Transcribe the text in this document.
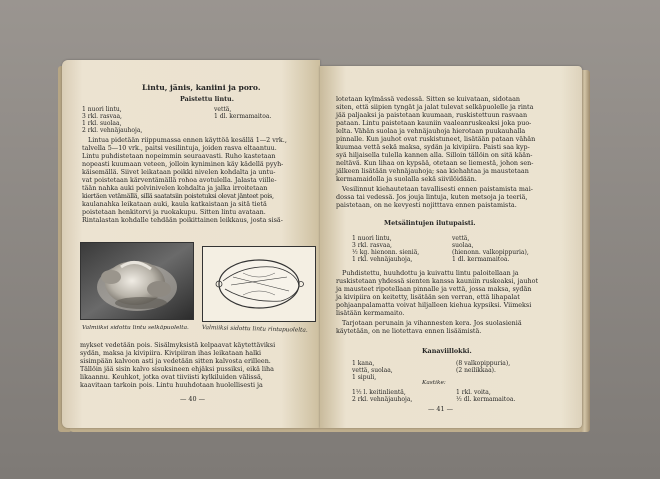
Lintu, jänis, kaniini ja poro.
Paistettu lintu.
1 nuori lintu,	vettä,
3 rkl. rasvaa,	1 dl. kermamaitoa.
1 rkl. suolaa,
2 rkl. vehnäjauhoja,
Lintua pidetään riippumassa ennen käyttöä kesällä 1—2 vrk.,
talvella 5—10 vrk., paitsi vesilintuja, joiden rasva eltaantuu.
Lintu puhdistetaan nopeimmin seuraavasti. Ruho kastetaan
nopeasti kuumaan veteen, jolloin kyniminen käy kädellä pyyh-
käisemällä. Siivet leikataan poikki nivelen kohdalta ja untu-
vat poistetaan kärventämällä rohoa avotulella. Jalasta viille-
tään nahka auki polvinivelen kohdalta ja jalka irroitetaan
kiertäen vetämällä, sillä saatatsiin poistetuksi olevat jänteet pois,
kaulanahka leikataan auki, kaula katkaistaan ja sitä tietä
poistetaan henkitorvi ja ruokakupu. Sitten lintu avataan.
Rintalastan kohdalle tehdään poikittainen leikkaus, josta sisä-
Valmiiksi sidottu lintu selkäpuolelta. Valmiiksi sidottu lintu rintapuolelta.
mykset vedetään pois. Sisälmyksistä kelpaavat käytettäviksi
sydän, maksa ja kivipiira. Kivipiiran ihas leikataan halki
sisimpään kalvoon asti ja vedetään sitten kalvosta erilleen.
Tällöin jää sisin kalvo sisuksineen ehjäksi pussiksi, eikä liha
likaannu. Keuhkot, jotka ovat tiiviisti kylkiluiden välissä,
kaavitaan tarkoin pois. Lintu huuhdotaan huolellisesti ja
— 40 —
lotetaan kylmässä vedessä. Sitten se kuivataan, sidotaan
siten, että siipien tyngät ja jalat tulevat selkäpuolelle ja rinta
jää paljaaksi ja paistetaan kuumaan, ruskistettuun rasvaan
pataan. Lintu paistetaan kauniin vaaleanruskeaksi joka puo-
lelta. Vähän suolaa ja vehnäjauhoja hierotaan puukauhalla
pinnalle. Kun jauhot ovat ruskistuneet, lisätään pataan vähän
kuumaa vettä sekä maksa, sydän ja kivipiira. Paisti saa kyp-
syä hiljaisella tulella kannen alla. Silloin tällöin on sitä kään-
neltävä. Kun lihaa on kypsää, otetaan se liemestä, johon sen-
jälkeen lisätään vehnäjauhoja; saa kiehahtaa ja maustetaan
kermamaidolla ja suolalla sekä siivilöidään.
Vesilinnut kiehautetaan tavallisesti ennen paistamista mai-
dossa tai vedessä. Jos jouja lintuja, kuten metsoja ja teeriä,
paistetaan, on ne kevyesti nojitttava ennen paistamista.
Metsälintujen ilutupaisti.
1 nuori lintu,	vettä,
3 rkl. rasvaa,	suolaa,
½ kg. hienonn. sieniä,	(hienonn. valkopippuria),
1 rkl. vehnäjauhoja,	1 dl. kermamaitoa.
Puhdistettu, huuhdottu ja kuivattu lintu paloitellaan ja
ruskistetaan yhdessä sienten kanssa kauniin ruskeaksi, jauhot
ja mausteet ripotellaan pinnalle ja vettä, jossa maksa, sydän
ja kivipiira on keitetty, lisätään sen verran, että lihapalat
pohjaanpalamatta voivat hiljalleen kiehua kypsiksi. Viimeksi
lisätään kermamaito.
Tarjotaan perunain ja vihannesten kera. Jos suolasieniä
käytetään, on ne liotettava ennen lisäämistä.
Kanaviillokki.
1 kana,	(8 valkopippuria),
vettä, suolaa,	(2 neilikkaa).
1 sipuli,
Kastike:
1½ l. keitinlientä,	1 rkl. voita,
2 rkl. vehnäjauhoja,	½ dl. kermamaitoa.
— 41 —
